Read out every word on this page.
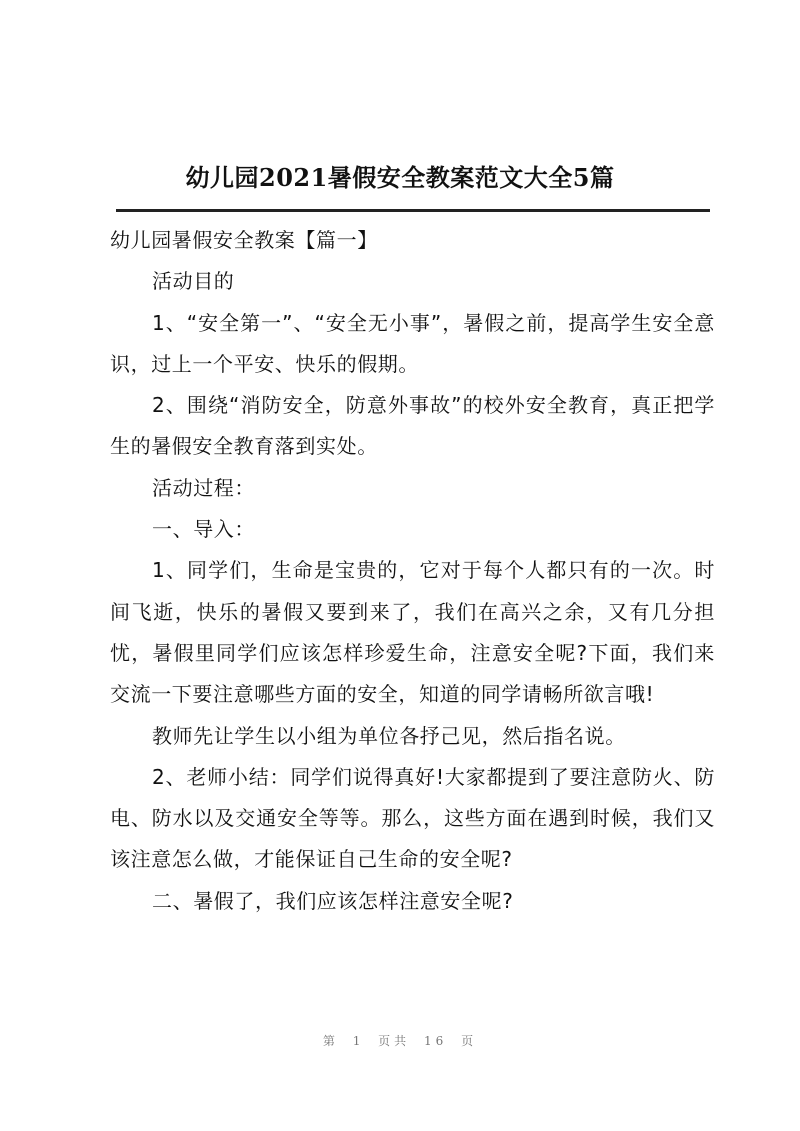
幼儿园2021暑假安全教案范文大全5篇

幼儿园暑假安全教案【篇一】

活动目的

1、“安全第一”、“安全无小事”，暑假之前，提高学生安全意识，过上一个平安、快乐的假期。

2、围绕“消防安全，防意外事故”的校外安全教育，真正把学生的暑假安全教育落到实处。

活动过程：

一、导入：

1、同学们，生命是宝贵的，它对于每个人都只有的一次。时间飞逝，快乐的暑假又要到来了，我们在高兴之余，又有几分担忧，暑假里同学们应该怎样珍爱生命，注意安全呢?下面，我们来交流一下要注意哪些方面的安全，知道的同学请畅所欲言哦!

教师先让学生以小组为单位各抒己见，然后指名说。

2、老师小结：同学们说得真好!大家都提到了要注意防火、防电、防水以及交通安全等等。那么，这些方面在遇到时候，我们又该注意怎么做，才能保证自己生命的安全呢?

二、暑假了，我们应该怎样注意安全呢?

第 1 页共 16 页
